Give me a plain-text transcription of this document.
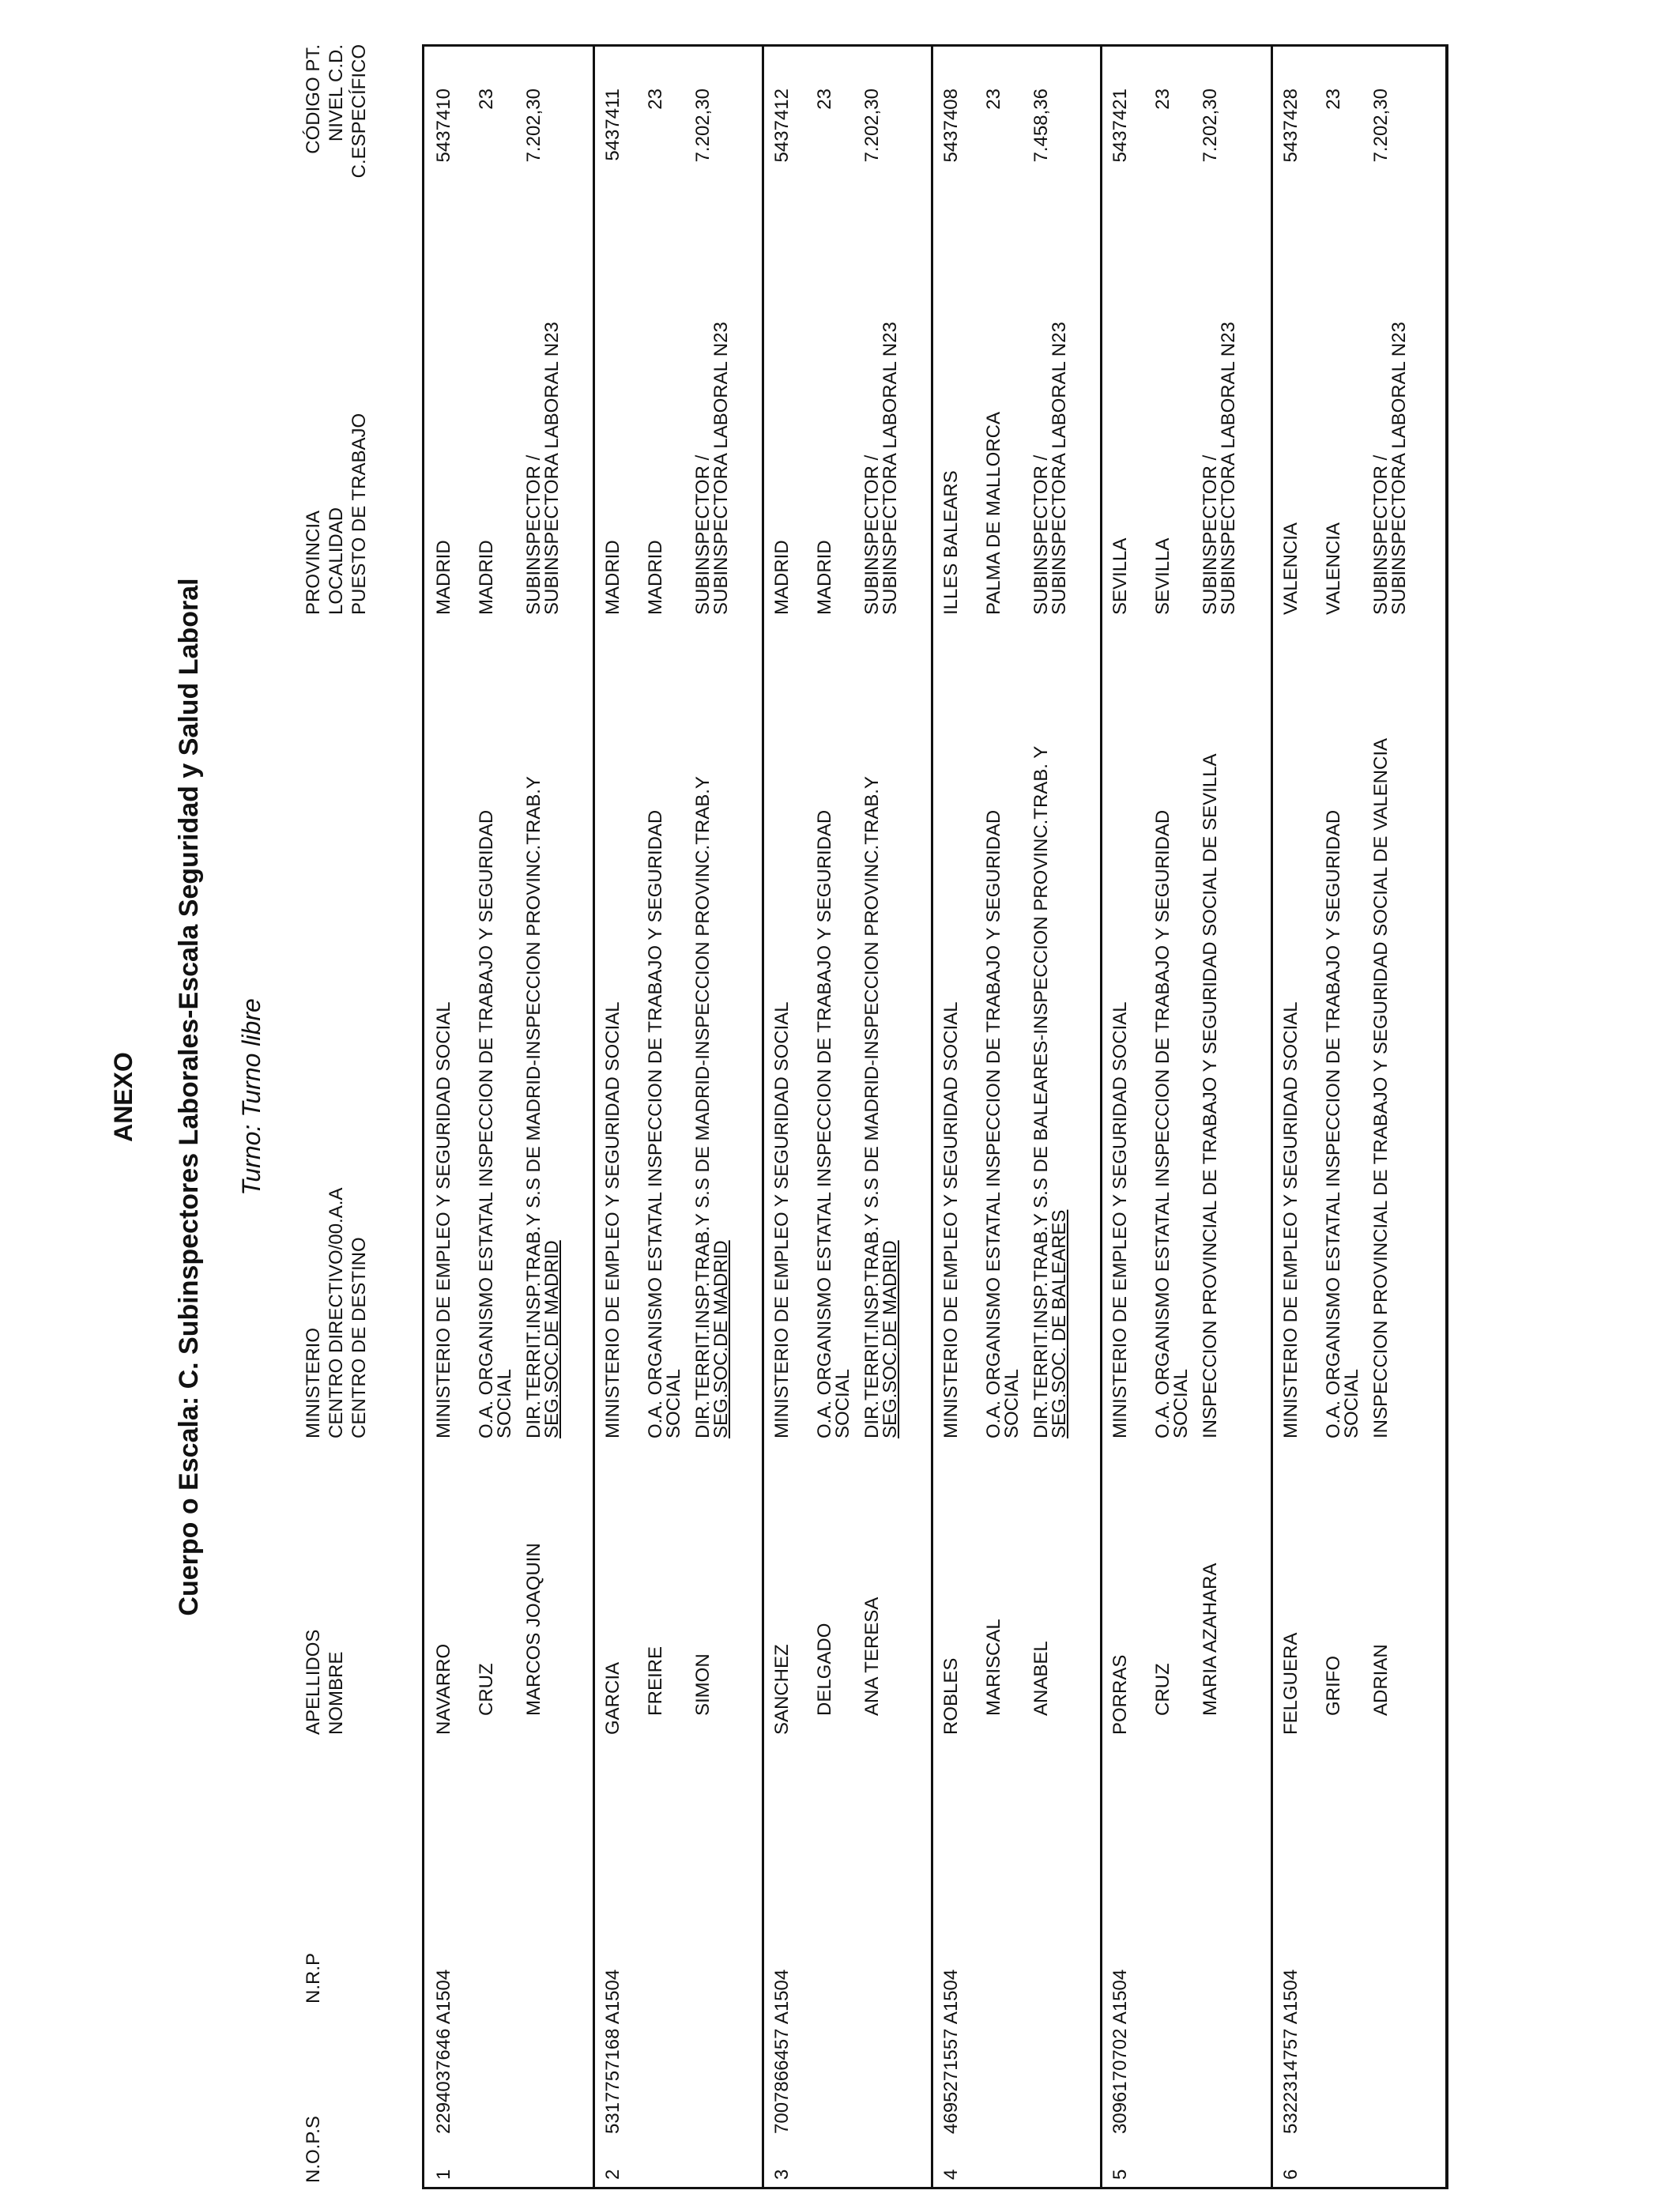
ANEXO Cuerpo o Escala: C. Subinspectores Laborales-Escala Seguridad y Salud Laboral Turno: Turno libre
N.O.P.S
N.R.P
APELLIDOS NOMBRE
MINISTERIO CENTRO DIRECTIVO/00.A.A CENTRO DE DESTINO
PROVINCIA LOCALIDAD PUESTO DE TRABAJO
CÓDIGO PT. NIVEL C.D. C.ESPECÍFICO
1
2294037646 A1504
NAVARRO CRUZ MARCOS JOAQUIN
MINISTERIO DE EMPLEO Y SEGURIDAD SOCIAL O.A. ORGANISMO ESTATAL INSPECCION DE TRABAJO Y SEGURIDAD
SOCIAL DIR.TERRIT.INSP.TRAB.Y S.S DE MADRID-INSPECCION PROVINC.TRAB.Y
SEG.SOC.DE MADRID
MADRID MADRID SUBINSPECTOR /
SUBINSPECTORA LABORAL N23
5437410 23 7.202,30
2
5317757168 A1504
GARCIA FREIRE SIMON
MINISTERIO DE EMPLEO Y SEGURIDAD SOCIAL O.A. ORGANISMO ESTATAL INSPECCION DE TRABAJO Y SEGURIDAD
SOCIAL DIR.TERRIT.INSP.TRAB.Y S.S DE MADRID-INSPECCION PROVINC.TRAB.Y
SEG.SOC.DE MADRID
MADRID MADRID SUBINSPECTOR /
SUBINSPECTORA LABORAL N23
5437411 23 7.202,30
3
7007866457 A1504
SANCHEZ DELGADO ANA TERESA
MINISTERIO DE EMPLEO Y SEGURIDAD SOCIAL O.A. ORGANISMO ESTATAL INSPECCION DE TRABAJO Y SEGURIDAD
SOCIAL DIR.TERRIT.INSP.TRAB.Y S.S DE MADRID-INSPECCION PROVINC.TRAB.Y
SEG.SOC.DE MADRID
MADRID MADRID SUBINSPECTOR /
SUBINSPECTORA LABORAL N23
5437412 23 7.202,30
4
4695271557 A1504
ROBLES MARISCAL ANABEL
MINISTERIO DE EMPLEO Y SEGURIDAD SOCIAL O.A. ORGANISMO ESTATAL INSPECCION DE TRABAJO Y SEGURIDAD
SOCIAL DIR.TERRIT.INSP.TRAB.Y S.S DE BALEARES-INSPECCION PROVINC.TRAB. Y
SEG.SOC. DE BALEARES
ILLES BALEARS PALMA DE MALLORCA SUBINSPECTOR /
SUBINSPECTORA LABORAL N23
5437408 23 7.458,36
5
3096170702 A1504
PORRAS CRUZ MARIA AZAHARA
MINISTERIO DE EMPLEO Y SEGURIDAD SOCIAL O.A. ORGANISMO ESTATAL INSPECCION DE TRABAJO Y SEGURIDAD
SOCIAL INSPECCION PROVINCIAL DE TRABAJO Y SEGURIDAD SOCIAL DE SEVILLA
SEVILLA SEVILLA SUBINSPECTOR /
SUBINSPECTORA LABORAL N23
5437421 23 7.202,30
6
5322314757 A1504
FELGUERA GRIFO ADRIAN
MINISTERIO DE EMPLEO Y SEGURIDAD SOCIAL O.A. ORGANISMO ESTATAL INSPECCION DE TRABAJO Y SEGURIDAD
SOCIAL INSPECCION PROVINCIAL DE TRABAJO Y SEGURIDAD SOCIAL DE VALENCIA
VALENCIA VALENCIA SUBINSPECTOR /
SUBINSPECTORA LABORAL N23
5437428 23 7.202,30
